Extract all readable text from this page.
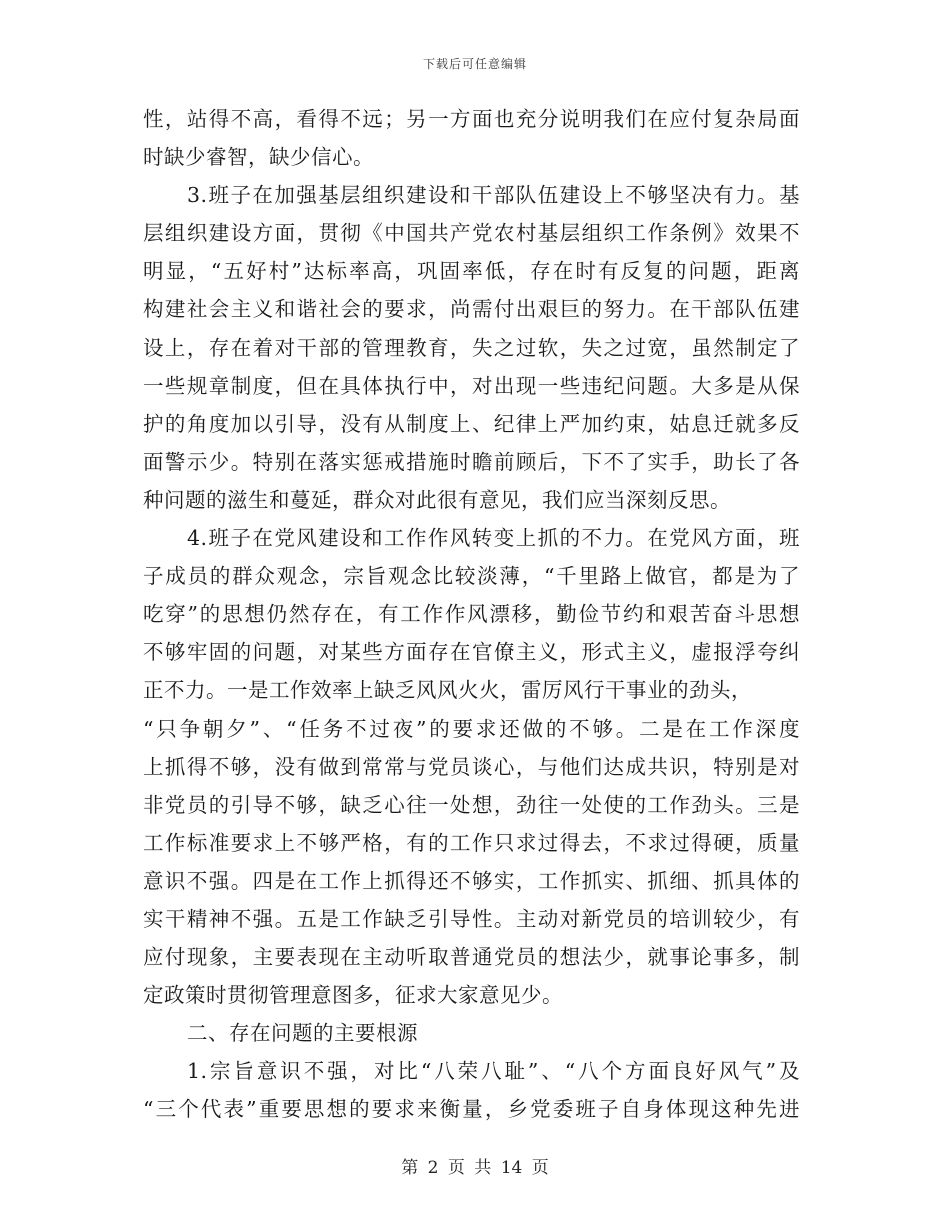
下载后可任意编辑
性，站得不高，看得不远；另一方面也充分说明我们在应付复杂局面
时缺少睿智，缺少信心。
3.班子在加强基层组织建设和干部队伍建设上不够坚决有力。基
层组织建设方面，贯彻《中国共产党农村基层组织工作条例》效果不
明显，“五好村”达标率高，巩固率低，存在时有反复的问题，距离
构建社会主义和谐社会的要求，尚需付出艰巨的努力。在干部队伍建
设上，存在着对干部的管理教育，失之过软，失之过宽，虽然制定了
一些规章制度，但在具体执行中，对出现一些违纪问题。大多是从保
护的角度加以引导，没有从制度上、纪律上严加约束，姑息迁就多反
面警示少。特别在落实惩戒措施时瞻前顾后，下不了实手，助长了各
种问题的滋生和蔓延，群众对此很有意见，我们应当深刻反思。
4.班子在党风建设和工作作风转变上抓的不力。在党风方面，班
子成员的群众观念，宗旨观念比较淡薄，“千里路上做官，都是为了
吃穿”的思想仍然存在，有工作作风漂移，勤俭节约和艰苦奋斗思想
不够牢固的问题，对某些方面存在官僚主义，形式主义，虚报浮夸纠
正不力。一是工作效率上缺乏风风火火，雷厉风行干事业的劲头，
“只争朝夕”、“任务不过夜”的要求还做的不够。二是在工作深度
上抓得不够，没有做到常常与党员谈心，与他们达成共识，特别是对
非党员的引导不够，缺乏心往一处想，劲往一处使的工作劲头。三是
工作标准要求上不够严格，有的工作只求过得去，不求过得硬，质量
意识不强。四是在工作上抓得还不够实，工作抓实、抓细、抓具体的
实干精神不强。五是工作缺乏引导性。主动对新党员的培训较少，有
应付现象，主要表现在主动听取普通党员的想法少，就事论事多，制
定政策时贯彻管理意图多，征求大家意见少。
二、存在问题的主要根源
1.宗旨意识不强，对比“八荣八耻”、“八个方面良好风气”及
“三个代表”重要思想的要求来衡量，乡党委班子自身体现这种先进
第 2 页 共 14 页
